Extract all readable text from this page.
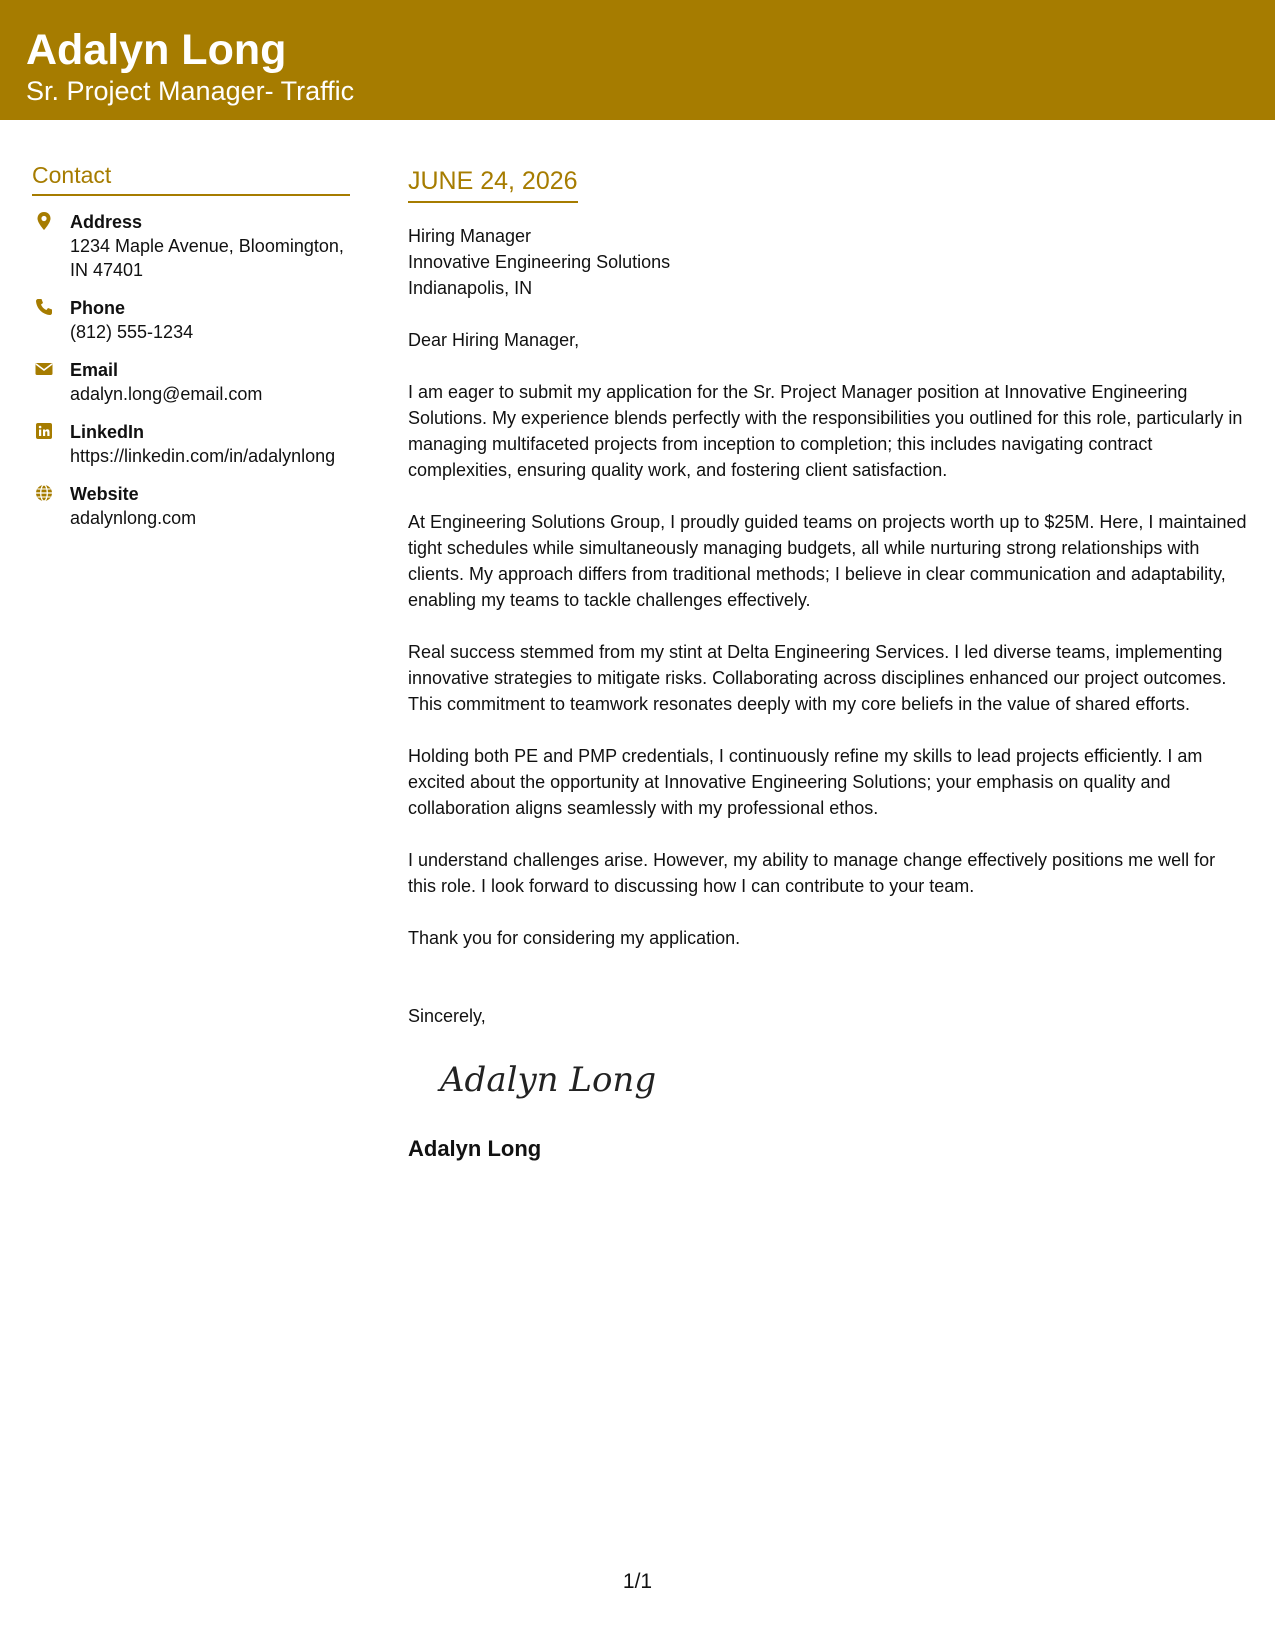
Adalyn Long
Sr. Project Manager- Traffic
Contact
Address
1234 Maple Avenue, Bloomington, IN 47401
Phone
(812) 555-1234
Email
adalyn.long@email.com
LinkedIn
https://linkedin.com/in/adalynlong
Website
adalynlong.com
JUNE 24, 2026
Hiring Manager
Innovative Engineering Solutions
Indianapolis, IN
Dear Hiring Manager,
I am eager to submit my application for the Sr. Project Manager position at Innovative Engineering Solutions. My experience blends perfectly with the responsibilities you outlined for this role, particularly in managing multifaceted projects from inception to completion; this includes navigating contract complexities, ensuring quality work, and fostering client satisfaction.
At Engineering Solutions Group, I proudly guided teams on projects worth up to $25M. Here, I maintained tight schedules while simultaneously managing budgets, all while nurturing strong relationships with clients. My approach differs from traditional methods; I believe in clear communication and adaptability, enabling my teams to tackle challenges effectively.
Real success stemmed from my stint at Delta Engineering Services. I led diverse teams, implementing innovative strategies to mitigate risks. Collaborating across disciplines enhanced our project outcomes. This commitment to teamwork resonates deeply with my core beliefs in the value of shared efforts.
Holding both PE and PMP credentials, I continuously refine my skills to lead projects efficiently. I am excited about the opportunity at Innovative Engineering Solutions; your emphasis on quality and collaboration aligns seamlessly with my professional ethos.
I understand challenges arise. However, my ability to manage change effectively positions me well for this role. I look forward to discussing how I can contribute to your team.
Thank you for considering my application.
Sincerely,
Adalyn Long
Adalyn Long
1/1
